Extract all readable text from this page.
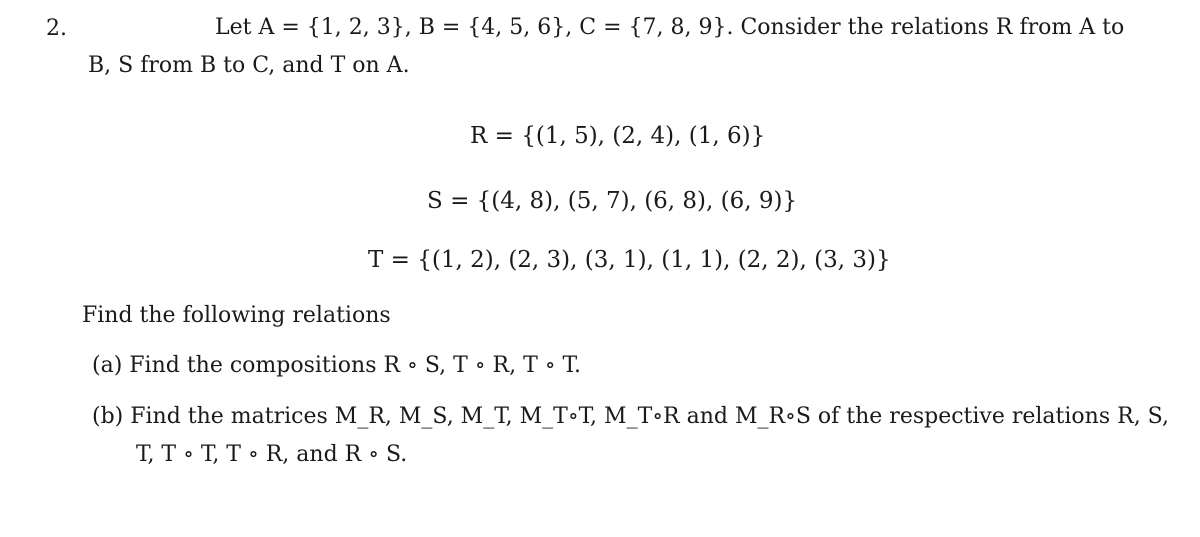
2.	Let A = {1, 2, 3}, B = {4, 5, 6}, C = {7, 8, 9}. Consider the relations R from A to
B, S from B to C, and T on A.
R = {(1, 5), (2, 4), (1, 6)}
S = {(4, 8), (5, 7), (6, 8), (6, 9)}
T = {(1, 2), (2, 3), (3, 1), (1, 1), (2, 2), (3, 3)}
Find the following relations
(a) Find the compositions R ∘ S, T ∘ R, T ∘ T.
(b) Find the matrices M_R, M_S, M_T, M_T∘T, M_T∘R and M_R∘S of the respective relations R, S,
T, T ∘ T, T ∘ R, and R ∘ S.
